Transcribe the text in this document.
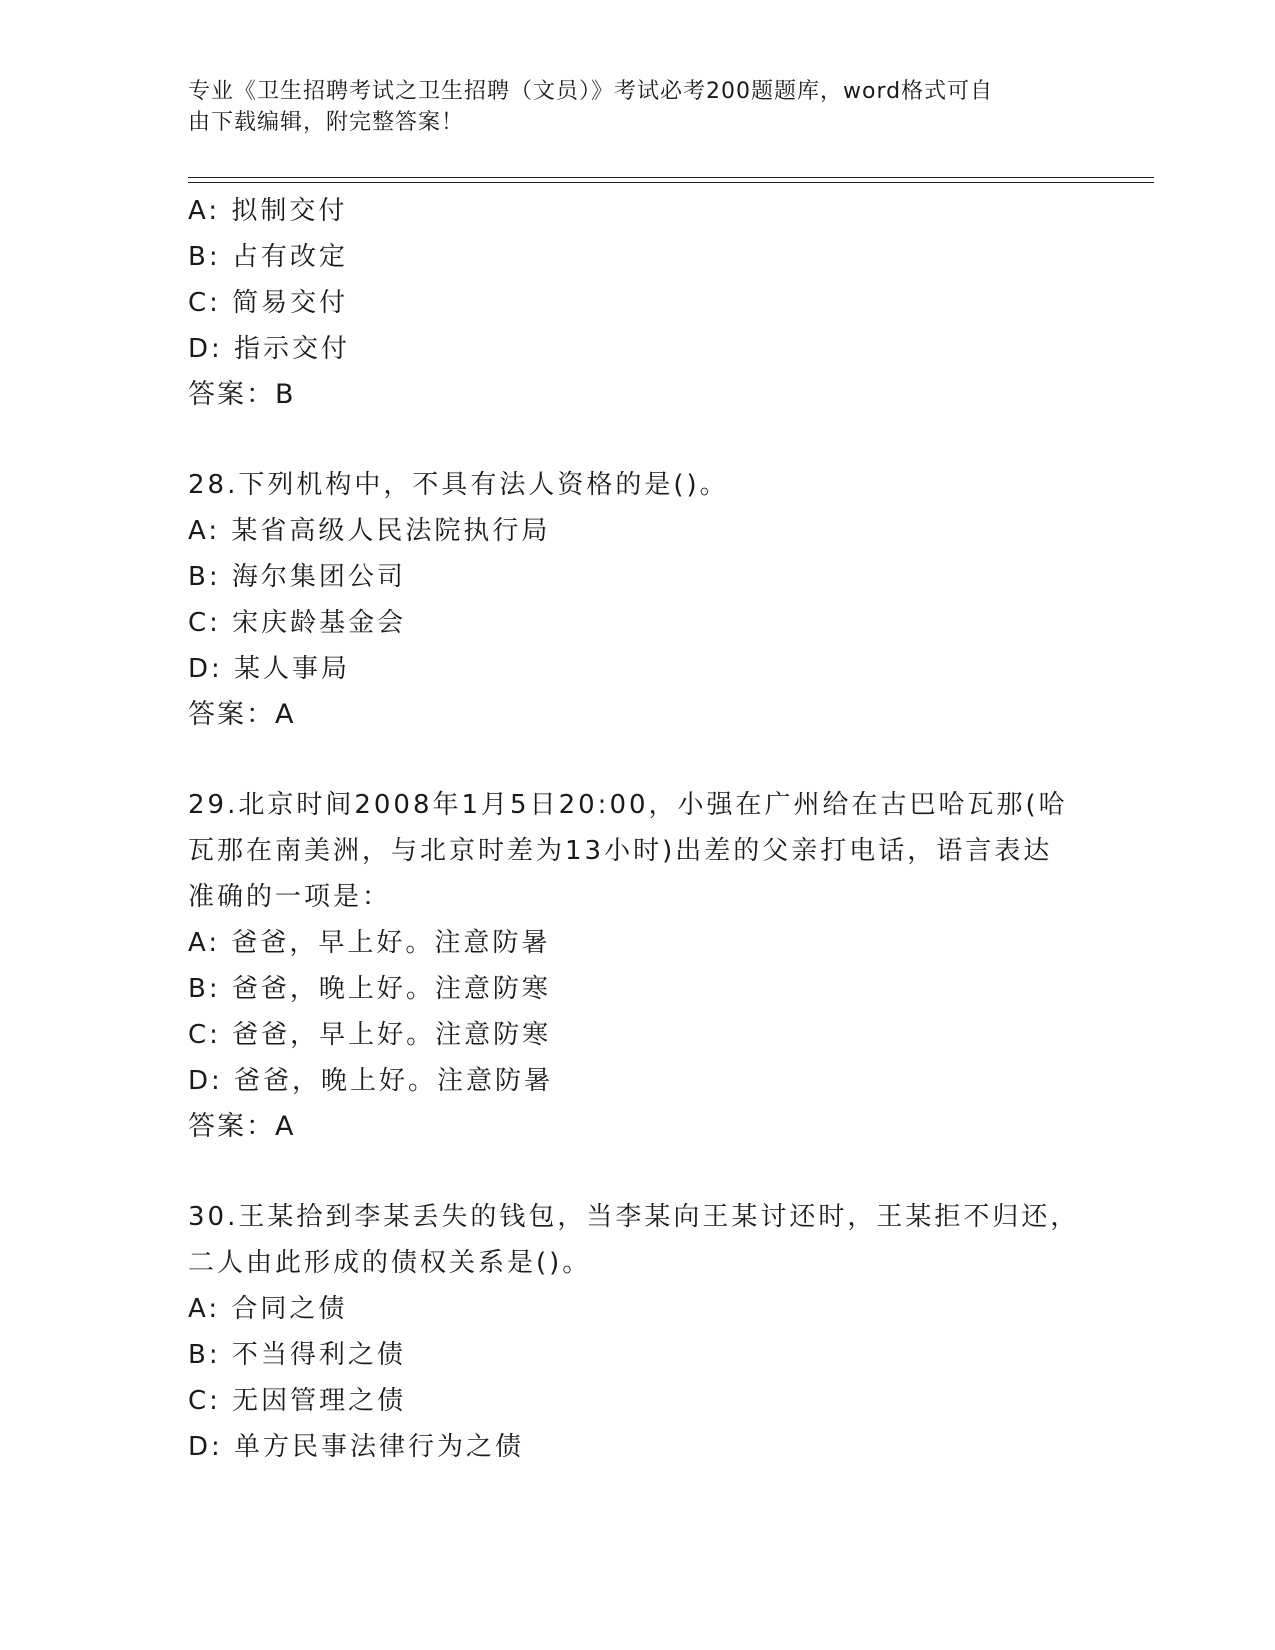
专业《卫生招聘考试之卫生招聘（文员）》考试必考200题题库，word格式可自
由下载编辑，附完整答案！
A: 拟制交付
B: 占有改定
C: 简易交付
D: 指示交付
答案：B
28.下列机构中，不具有法人资格的是()。
A: 某省高级人民法院执行局
B: 海尔集团公司
C: 宋庆龄基金会
D: 某人事局
答案：A
29.北京时间2008年1月5日20:00，小强在广州给在古巴哈瓦那(哈
瓦那在南美洲，与北京时差为13小时)出差的父亲打电话，语言表达
准确的一项是：
A: 爸爸，早上好。注意防暑
B: 爸爸，晚上好。注意防寒
C: 爸爸，早上好。注意防寒
D: 爸爸，晚上好。注意防暑
答案：A
30.王某拾到李某丢失的钱包，当李某向王某讨还时，王某拒不归还，
二人由此形成的债权关系是()。
A: 合同之债
B: 不当得利之债
C: 无因管理之债
D: 单方民事法律行为之债
